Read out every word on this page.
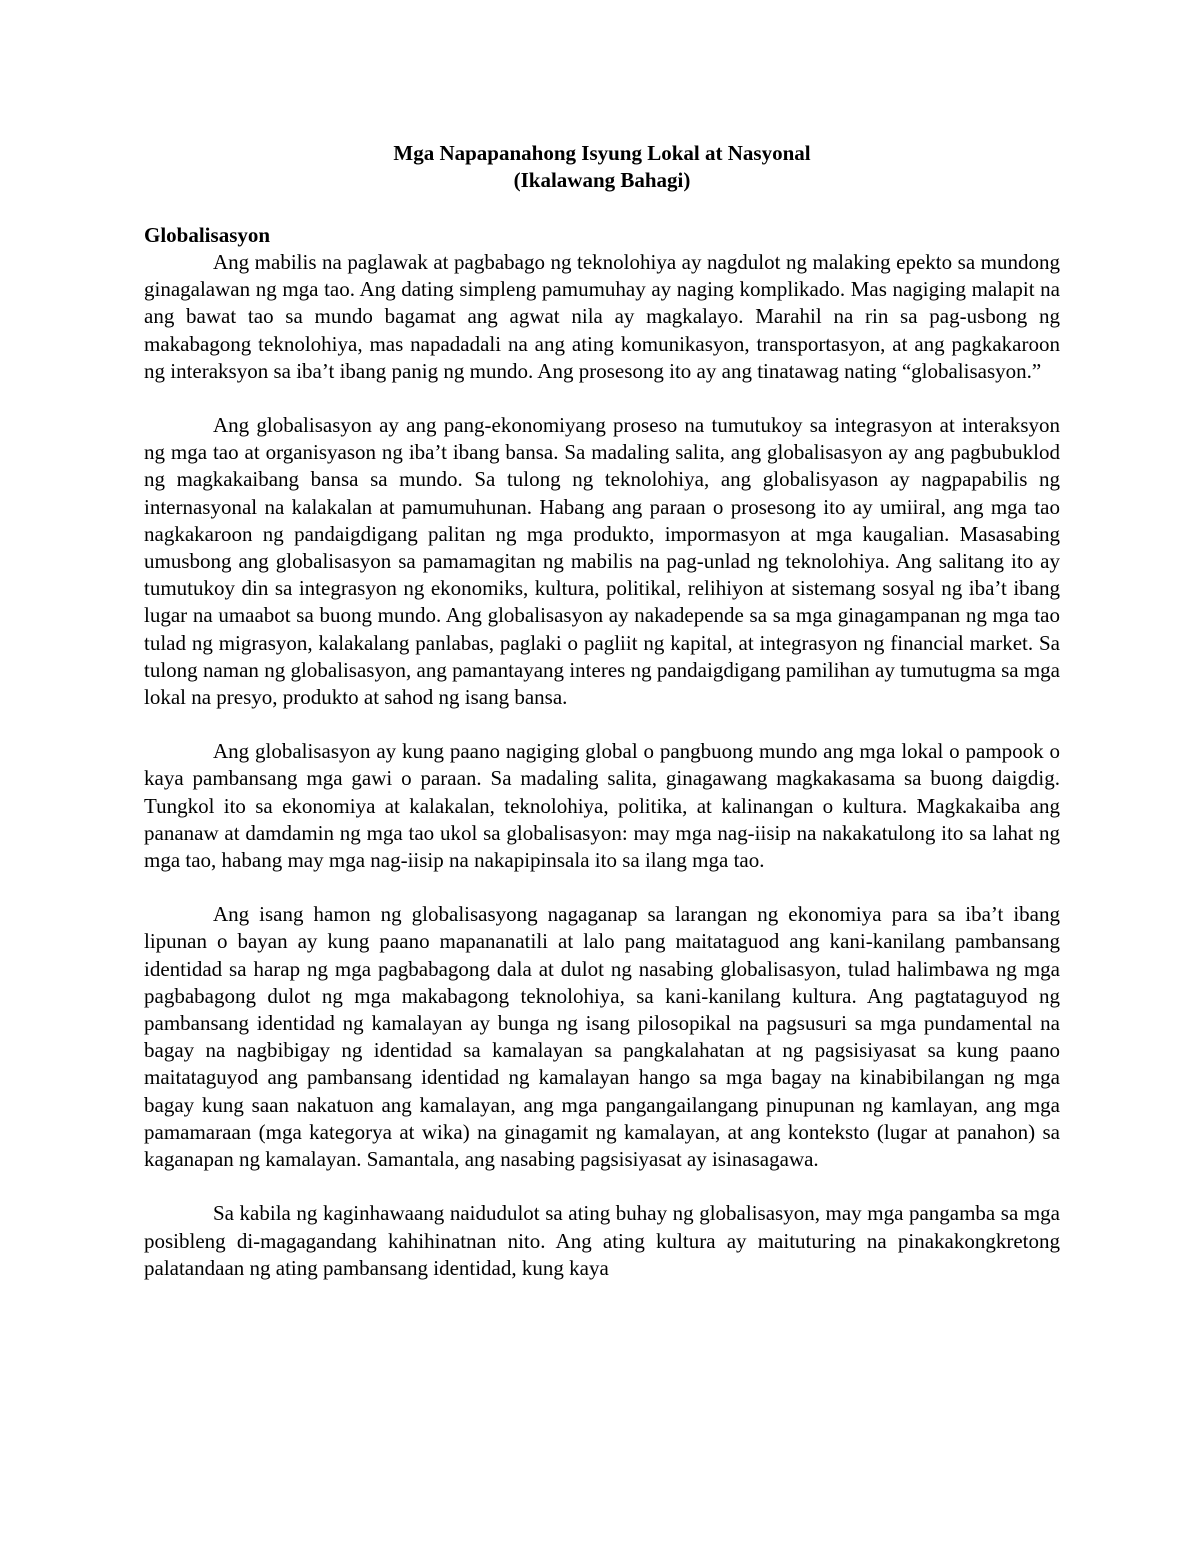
Mga Napapanahong Isyung Lokal at Nasyonal
(Ikalawang Bahagi)

Globalisasyon

Ang mabilis na paglawak at pagbabago ng teknolohiya ay nagdulot ng malaking epekto sa mundong ginagalawan ng mga tao. Ang dating simpleng pamumuhay ay naging komplikado. Mas nagiging malapit na ang bawat tao sa mundo bagamat ang agwat nila ay magkalayo. Marahil na rin sa pag-usbong ng makabagong teknolohiya, mas napadadali na ang ating komunikasyon, transportasyon, at ang pagkakaroon ng interaksyon sa iba’t ibang panig ng mundo. Ang prosesong ito ay ang tinatawag nating “globalisasyon.”

Ang globalisasyon ay ang pang-ekonomiyang proseso na tumutukoy sa integrasyon at interaksyon ng mga tao at organisyason ng iba’t ibang bansa. Sa madaling salita, ang globalisasyon ay ang pagbubuklod ng magkakaibang bansa sa mundo. Sa tulong ng teknolohiya, ang globalisyason ay nagpapabilis ng internasyonal na kalakalan at pamumuhunan. Habang ang paraan o prosesong ito ay umiiral, ang mga tao nagkakaroon ng pandaigdigang palitan ng mga produkto, impormasyon at mga kaugalian. Masasabing umusbong ang globalisasyon sa pamamagitan ng mabilis na pag-unlad ng teknolohiya. Ang salitang ito ay tumutukoy din sa integrasyon ng ekonomiks, kultura, politikal, relihiyon at sistemang sosyal ng iba’t ibang lugar na umaabot sa buong mundo. Ang globalisasyon ay nakadepende sa sa mga ginagampanan ng mga tao tulad ng migrasyon, kalakalang panlabas, paglaki o pagliit ng kapital, at integrasyon ng financial market. Sa tulong naman ng globalisasyon, ang pamantayang interes ng pandaigdigang pamilihan ay tumutugma sa mga lokal na presyo, produkto at sahod ng isang bansa.

Ang globalisasyon ay kung paano nagiging global o pangbuong mundo ang mga lokal o pampook o kaya pambansang mga gawi o paraan. Sa madaling salita, ginagawang magkakasama sa buong daigdig. Tungkol ito sa ekonomiya at kalakalan, teknolohiya, politika, at kalinangan o kultura. Magkakaiba ang pananaw at damdamin ng mga tao ukol sa globalisasyon: may mga nag-iisip na nakakatulong ito sa lahat ng mga tao, habang may mga nag-iisip na nakapipinsala ito sa ilang mga tao.

Ang isang hamon ng globalisasyong nagaganap sa larangan ng ekonomiya para sa iba’t ibang lipunan o bayan ay kung paano mapananatili at lalo pang maitataguod ang kani-kanilang pambansang identidad sa harap ng mga pagbabagong dala at dulot ng nasabing globalisasyon, tulad halimbawa ng mga pagbabagong dulot ng mga makabagong teknolohiya, sa kani-kanilang kultura. Ang pagtataguyod ng pambansang identidad ng kamalayan ay bunga ng isang pilosopikal na pagsusuri sa mga pundamental na bagay na nagbibigay ng identidad sa kamalayan sa pangkalahatan at ng pagsisiyasat sa kung paano maitataguyod ang pambansang identidad ng kamalayan hango sa mga bagay na kinabibilangan ng mga bagay kung saan nakatuon ang kamalayan, ang mga pangangailangang pinupunan ng kamlayan, ang mga pamamaraan (mga kategorya at wika) na ginagamit ng kamalayan, at ang konteksto (lugar at panahon) sa kaganapan ng kamalayan. Samantala, ang nasabing pagsisiyasat ay isinasagawa.

Sa kabila ng kaginhawaang naidudulot sa ating buhay ng globalisasyon, may mga pangamba sa mga posibleng di-magagandang kahihinatnan nito. Ang ating kultura ay maituturing na pinakakongkretong palatandaan ng ating pambansang identidad, kung kaya
